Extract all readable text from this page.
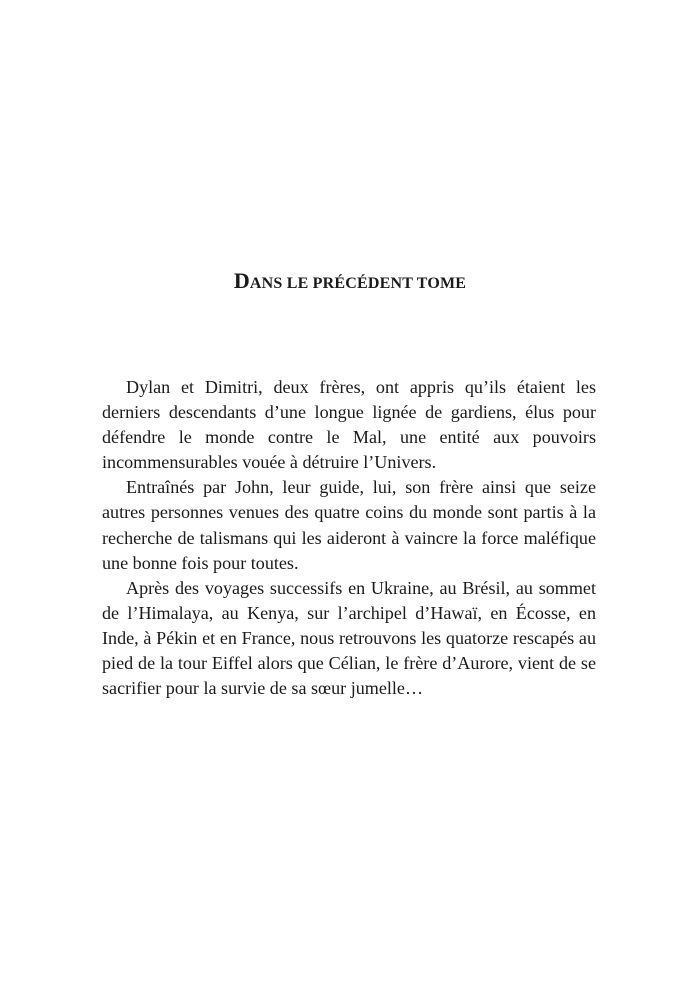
DANS LE PRÉCÉDENT TOME

Dylan et Dimitri, deux frères, ont appris qu’ils étaient les derniers descendants d’une longue lignée de gardiens, élus pour défendre le monde contre le Mal, une entité aux pouvoirs incommensurables vouée à détruire l’Univers.

Entraînés par John, leur guide, lui, son frère ainsi que seize autres personnes venues des quatre coins du monde sont partis à la recherche de talismans qui les aideront à vaincre la force maléfique une bonne fois pour toutes.

Après des voyages successifs en Ukraine, au Brésil, au sommet de l’Himalaya, au Kenya, sur l’archipel d’Hawaï, en Écosse, en Inde, à Pékin et en France, nous retrouvons les quatorze rescapés au pied de la tour Eiffel alors que Célian, le frère d’Aurore, vient de se sacrifier pour la survie de sa sœur jumelle…
